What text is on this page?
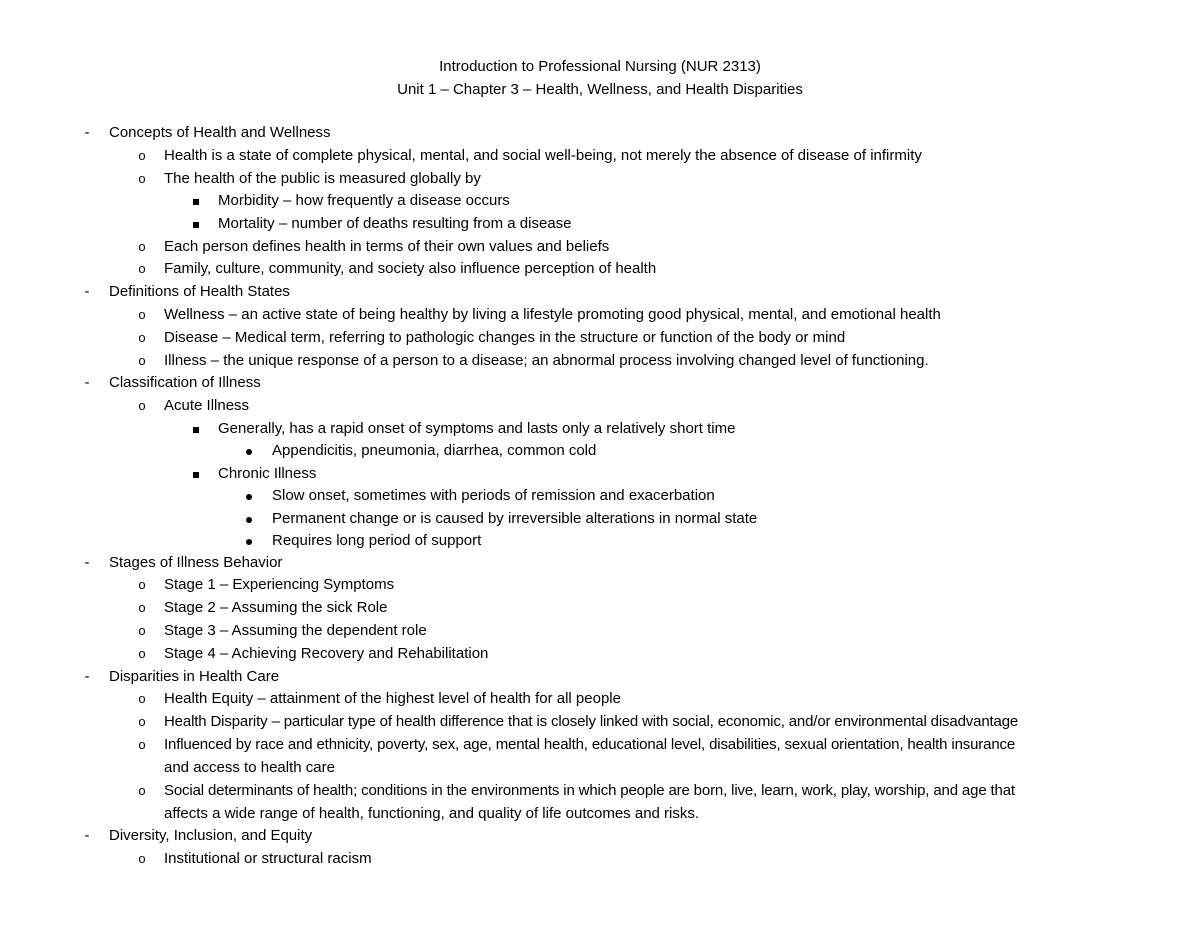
Introduction to Professional Nursing (NUR 2313)
Unit 1 – Chapter 3 – Health, Wellness, and Health Disparities
- Concepts of Health and Wellness
o Health is a state of complete physical, mental, and social well-being, not merely the absence of disease of infirmity
o The health of the public is measured globally by
Morbidity – how frequently a disease occurs
Mortality – number of deaths resulting from a disease
o Each person defines health in terms of their own values and beliefs
o Family, culture, community, and society also influence perception of health
- Definitions of Health States
o Wellness – an active state of being healthy by living a lifestyle promoting good physical, mental, and emotional health
o Disease – Medical term, referring to pathologic changes in the structure or function of the body or mind
o Illness – the unique response of a person to a disease; an abnormal process involving changed level of functioning.
- Classification of Illness
o Acute Illness
Generally, has a rapid onset of symptoms and lasts only a relatively short time
Appendicitis, pneumonia, diarrhea, common cold
Chronic Illness
Slow onset, sometimes with periods of remission and exacerbation
Permanent change or is caused by irreversible alterations in normal state
Requires long period of support
- Stages of Illness Behavior
o Stage 1 – Experiencing Symptoms
o Stage 2 – Assuming the sick Role
o Stage 3 – Assuming the dependent role
o Stage 4 – Achieving Recovery and Rehabilitation
- Disparities in Health Care
o Health Equity – attainment of the highest level of health for all people
o Health Disparity – particular type of health difference that is closely linked with social, economic, and/or environmental disadvantage
o Influenced by race and ethnicity, poverty, sex, age, mental health, educational level, disabilities, sexual orientation, health insurance
and access to health care
o Social determinants of health; conditions in the environments in which people are born, live, learn, work, play, worship, and age that
affects a wide range of health, functioning, and quality of life outcomes and risks.
- Diversity, Inclusion, and Equity
o Institutional or structural racism
